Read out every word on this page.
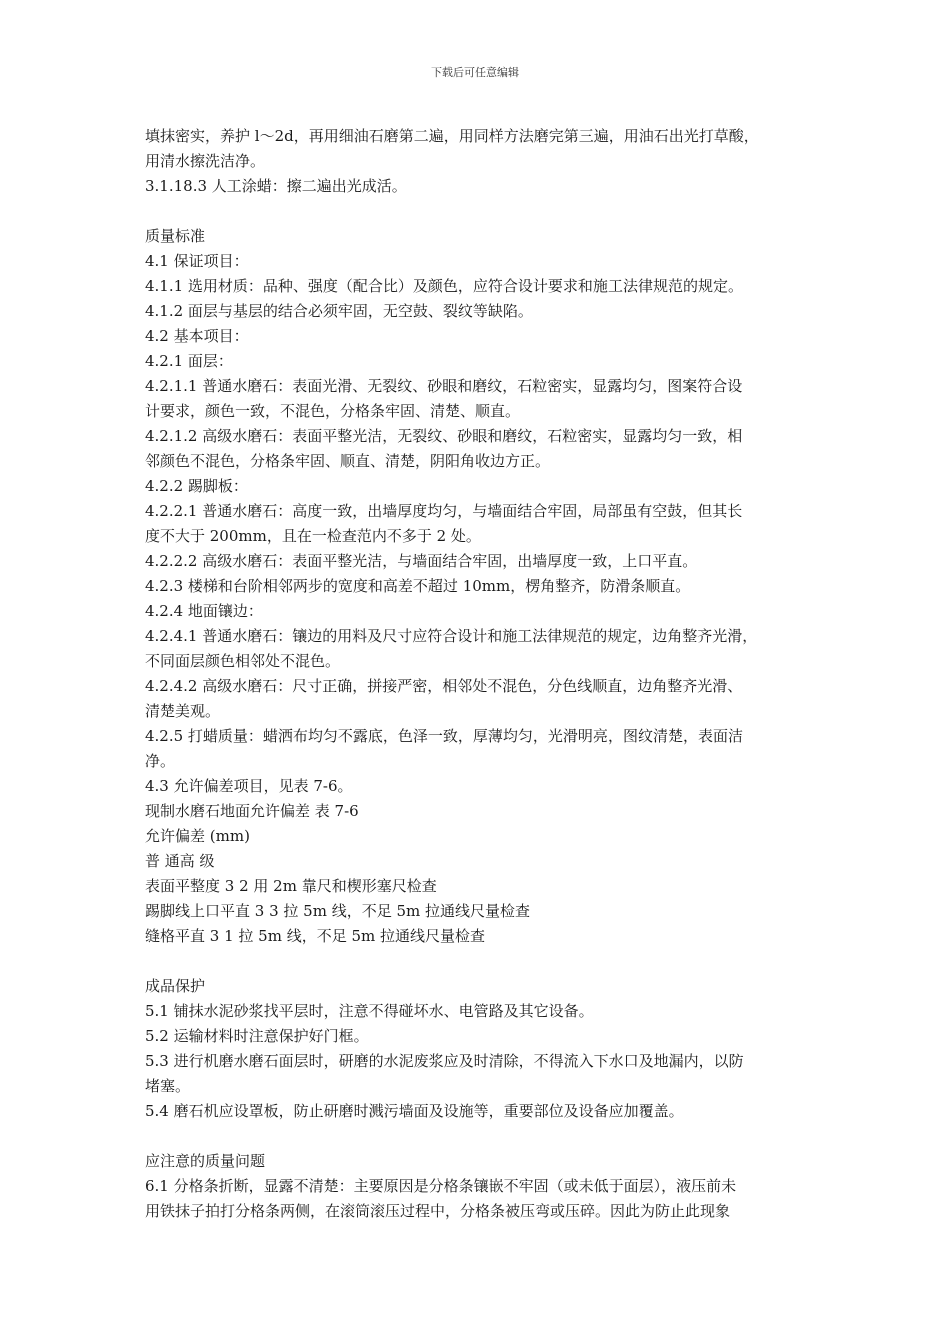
下载后可任意编辑
填抹密实，养护 l～2d，再用细油石磨第二遍，用同样方法磨完第三遍，用油石出光打草酸，
用清水擦洗洁净。
3.1.18.3 人工涂蜡：擦二遍出光成活。
质量标准
4.1 保证项目：
4.1.1 选用材质：品种、强度（配合比）及颜色，应符合设计要求和施工法律规范的规定。
4.1.2 面层与基层的结合必须牢固，无空鼓、裂纹等缺陷。
4.2 基本项目：
4.2.1 面层：
4.2.1.1 普通水磨石：表面光滑、无裂纹、砂眼和磨纹，石粒密实，显露均匀，图案符合设
计要求，颜色一致，不混色，分格条牢固、清楚、顺直。
4.2.1.2 高级水磨石：表面平整光洁，无裂纹、砂眼和磨纹，石粒密实，显露均匀一致，相
邻颜色不混色，分格条牢固、顺直、清楚，阴阳角收边方正。
4.2.2 踢脚板：
4.2.2.1 普通水磨石：高度一致，出墙厚度均匀，与墙面结合牢固，局部虽有空鼓，但其长
度不大于 200mm，且在一检查范内不多于 2 处。
4.2.2.2 高级水磨石：表面平整光洁，与墙面结合牢固，出墙厚度一致，上口平直。
4.2.3 楼梯和台阶相邻两步的宽度和高差不超过 10mm，楞角整齐，防滑条顺直。
4.2.4 地面镶边：
4.2.4.1 普通水磨石：镶边的用料及尺寸应符合设计和施工法律规范的规定，边角整齐光滑，
不同面层颜色相邻处不混色。
4.2.4.2 高级水磨石：尺寸正确，拼接严密，相邻处不混色，分色线顺直，边角整齐光滑、
清楚美观。
4.2.5 打蜡质量：蜡洒布均匀不露底，色泽一致，厚薄均匀，光滑明亮，图纹清楚，表面洁
净。
4.3 允许偏差项目，见表 7-6。
现制水磨石地面允许偏差 表 7-6
允许偏差 (mm)
普 通高 级
表面平整度 3 2 用 2m 靠尺和楔形塞尺检查
踢脚线上口平直 3 3 拉 5m 线，不足 5m 拉通线尺量检查
缝格平直 3 1 拉 5m 线，不足 5m 拉通线尺量检查
成品保护
5.1 铺抹水泥砂浆找平层时，注意不得碰坏水、电管路及其它设备。
5.2 运输材料时注意保护好门框。
5.3 进行机磨水磨石面层时，研磨的水泥废浆应及时清除，不得流入下水口及地漏内，以防
堵塞。
5.4 磨石机应设罩板，防止研磨时溅污墙面及设施等，重要部位及设备应加覆盖。
应注意的质量问题
6.1 分格条折断，显露不清楚：主要原因是分格条镶嵌不牢固（或未低于面层），液压前未
用铁抹子拍打分格条两侧，在滚筒滚压过程中，分格条被压弯或压碎。因此为防止此现象
